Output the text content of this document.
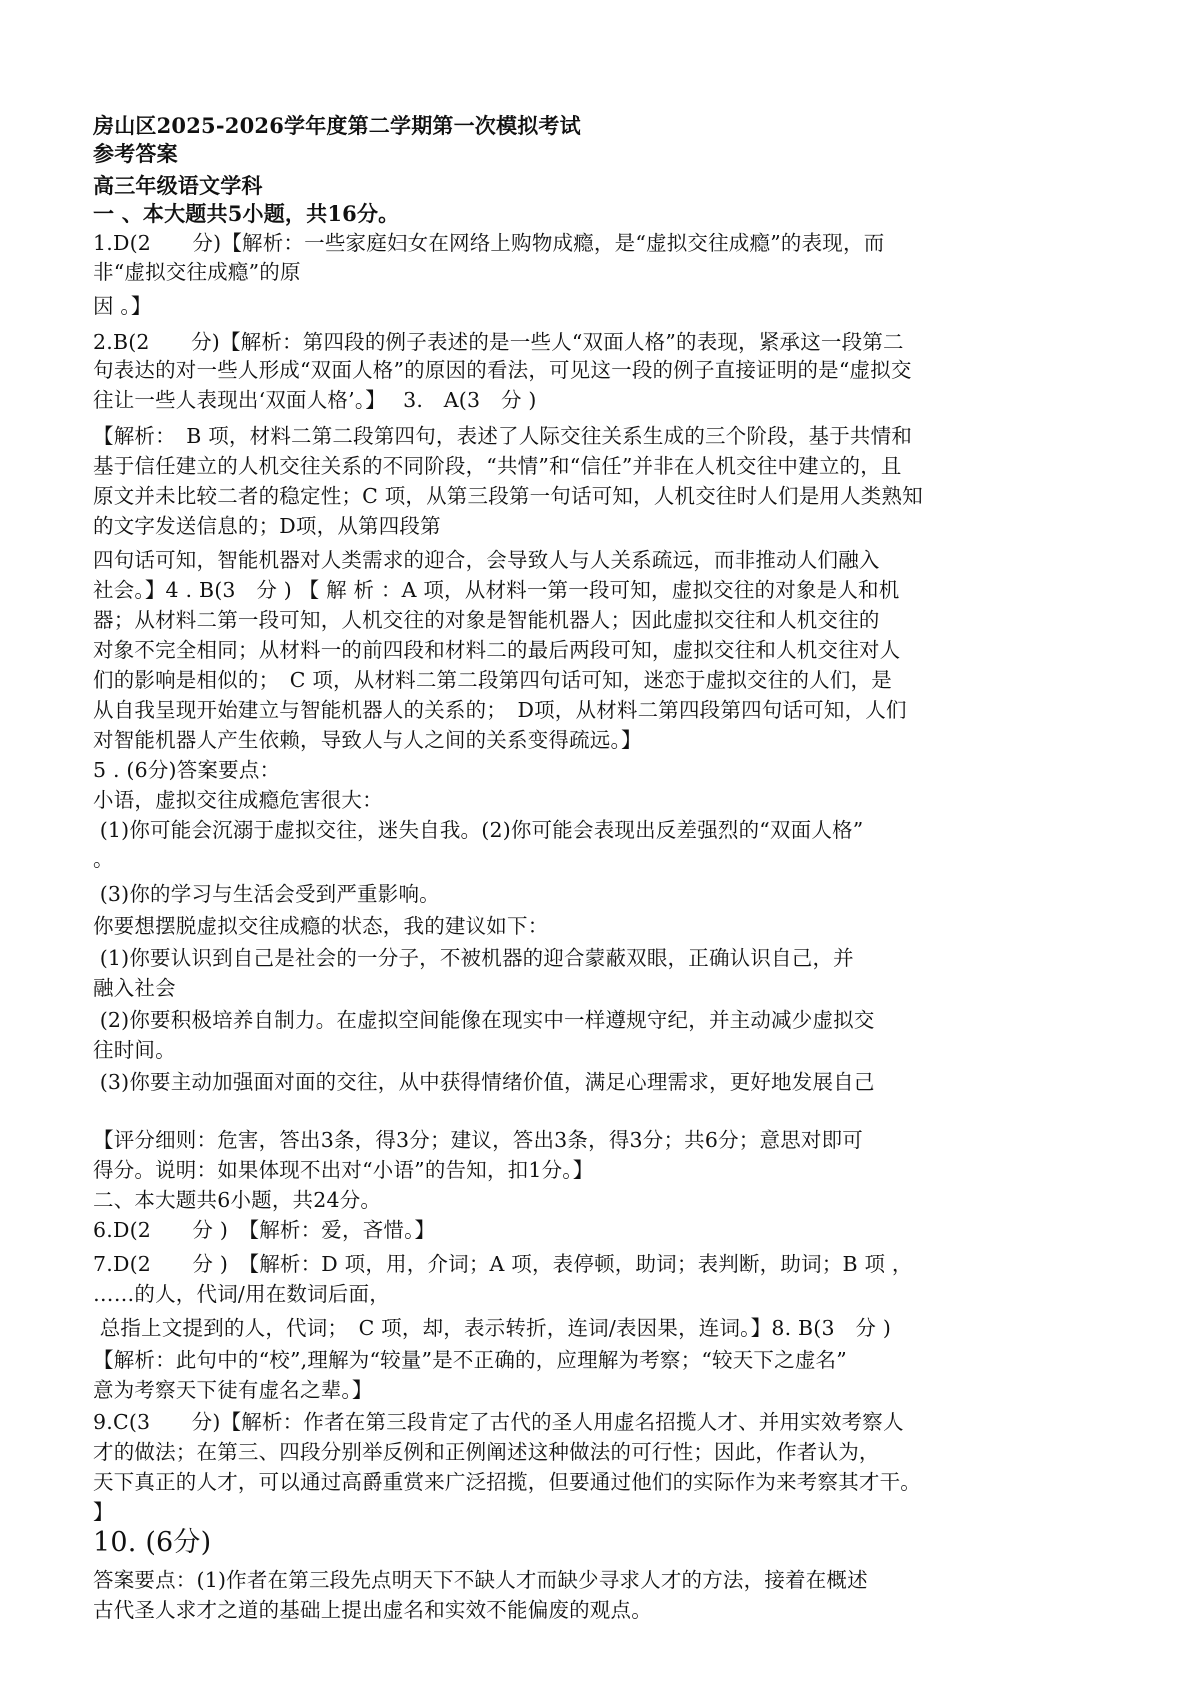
房山区2025-2026学年度第二学期第一次模拟考试
参考答案
高三年级语文学科
一 、本大题共5小题，共16分。
1.D(2　　分)【解析：一些家庭妇女在网络上购物成瘾，是“虚拟交往成瘾”的表现，而
非“虚拟交往成瘾”的原
因 。】
2.B(2　　分)【解析：第四段的例子表述的是一些人“双面人格”的表现，紧承这一段第二
句表达的对一些人形成“双面人格”的原因的看法，可见这一段的例子直接证明的是“虚拟交
往让一些人表现出‘双面人格’。】　 3.　A(3　分 )
【解析：　B 项，材料二第二段第四句，表述了人际交往关系生成的三个阶段，基于共情和
基于信任建立的人机交往关系的不同阶段，“共情”和“信任”并非在人机交往中建立的，且
原文并未比较二者的稳定性；C 项，从第三段第一句话可知，人机交往时人们是用人类熟知
的文字发送信息的；D项，从第四段第
四句话可知，智能机器对人类需求的迎合，会导致人与人关系疏远，而非推动人们融入
社会。】4 . B(3　分 ) 【 解 析 ：A 项，从材料一第一段可知，虚拟交往的对象是人和机
器；从材料二第一段可知，人机交往的对象是智能机器人；因此虚拟交往和人机交往的
对象不完全相同；从材料一的前四段和材料二的最后两段可知，虚拟交往和人机交往对人
们的影响是相似的；　C 项，从材料二第二段第四句话可知，迷恋于虚拟交往的人们，是
从自我呈现开始建立与智能机器人的关系的；　D项，从材料二第四段第四句话可知，人们
对智能机器人产生依赖，导致人与人之间的关系变得疏远。】
5 . (6分)答案要点：
小语，虚拟交往成瘾危害很大：
(1)你可能会沉溺于虚拟交往，迷失自我。(2)你可能会表现出反差强烈的“双面人格”
。
(3)你的学习与生活会受到严重影响。
你要想摆脱虚拟交往成瘾的状态，我的建议如下：
(1)你要认识到自己是社会的一分子，不被机器的迎合蒙蔽双眼，正确认识自己，并
融入社会
(2)你要积极培养自制力。在虚拟空间能像在现实中一样遵规守纪，并主动减少虚拟交
往时间。
(3)你要主动加强面对面的交往，从中获得情绪价值，满足心理需求，更好地发展自己
【评分细则：危害，答出3条，得3分；建议，答出3条，得3分；共6分；意思对即可
得分。说明：如果体现不出对“小语”的告知，扣1分。】
二、本大题共6小题，共24分。
6.D(2　　分 )　【解析：爱，吝惜。】
7.D(2　　分 )　【解析：D 项，用，介词；A 项，表停顿，助词；表判断，助词；B 项 ，
……的人，代词/用在数词后面，
总指上文提到的人，代词；　C 项，却，表示转折，连词/表因果，连词。】8. B(3　分 )
【解析：此句中的“校”,理解为“较量”是不正确的，应理解为考察；“较天下之虚名”
意为考察天下徒有虚名之辈。】
9.C(3　　分)【解析：作者在第三段肯定了古代的圣人用虚名招揽人才、并用实效考察人
才的做法；在第三、四段分别举反例和正例阐述这种做法的可行性；因此，作者认为，
天下真正的人才，可以通过高爵重赏来广泛招揽，但要通过他们的实际作为来考察其才干。
】
10. (6分)
答案要点：(1)作者在第三段先点明天下不缺人才而缺少寻求人才的方法，接着在概述
古代圣人求才之道的基础上提出虚名和实效不能偏废的观点。
